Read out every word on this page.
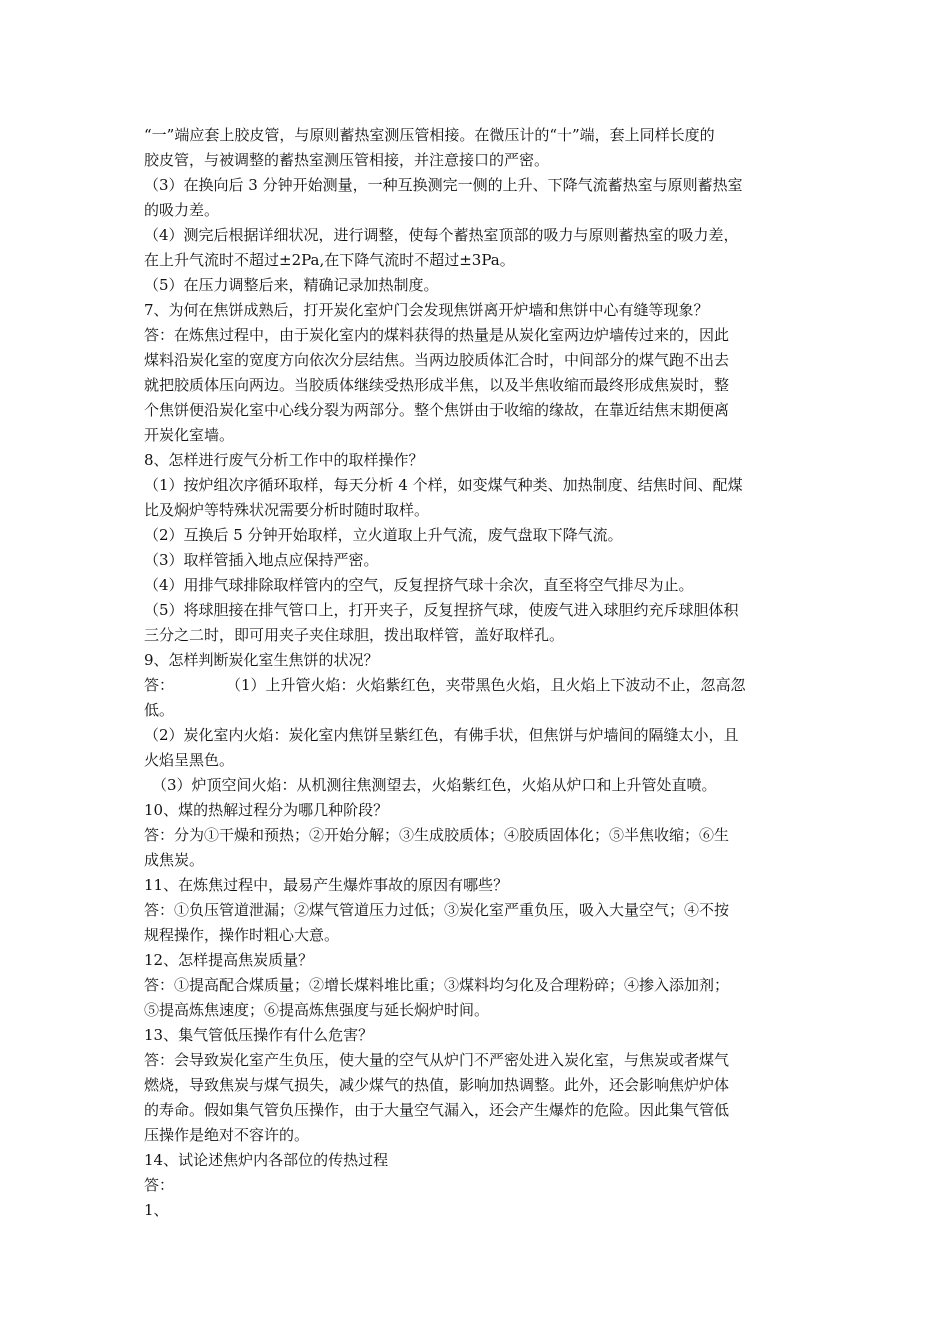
“一”端应套上胶皮管，与原则蓄热室测压管相接。在微压计的“十”端，套上同样长度的
胶皮管，与被调整的蓄热室测压管相接，并注意接口的严密。
（3）在换向后 3 分钟开始测量，一种互换测完一侧的上升、下降气流蓄热室与原则蓄热室
的吸力差。
（4）测完后根据详细状况，进行调整，使每个蓄热室顶部的吸力与原则蓄热室的吸力差，
在上升气流时不超过±2Pa,在下降气流时不超过±3Pa。
（5）在压力调整后来，精确记录加热制度。
7、为何在焦饼成熟后，打开炭化室炉门会发现焦饼离开炉墙和焦饼中心有缝等现象？
答：在炼焦过程中，由于炭化室内的煤料获得的热量是从炭化室两边炉墙传过来的，因此
煤料沿炭化室的宽度方向依次分层结焦。当两边胶质体汇合时，中间部分的煤气跑不出去
就把胶质体压向两边。当胶质体继续受热形成半焦，以及半焦收缩而最终形成焦炭时，整
个焦饼便沿炭化室中心线分裂为两部分。整个焦饼由于收缩的缘故，在靠近结焦末期便离
开炭化室墙。
8、怎样进行废气分析工作中的取样操作？
（1）按炉组次序循环取样，每天分析 4 个样，如变煤气种类、加热制度、结焦时间、配煤
比及焖炉等特殊状况需要分析时随时取样。
（2）互换后 5 分钟开始取样，立火道取上升气流，废气盘取下降气流。
（3）取样管插入地点应保持严密。
（4）用排气球排除取样管内的空气，反复捏挤气球十余次，直至将空气排尽为止。
（5）将球胆接在排气管口上，打开夹子，反复捏挤气球，使废气进入球胆约充斥球胆体积
三分之二时，即可用夹子夹住球胆，拨出取样管，盖好取样孔。
9、怎样判断炭化室生焦饼的状况？
答：	（1）上升管火焰：火焰紫红色，夹带黑色火焰，且火焰上下波动不止，忽高忽
低。
（2）炭化室内火焰：炭化室内焦饼呈紫红色，有佛手状，但焦饼与炉墙间的隔缝太小，且
火焰呈黑色。
（3）炉顶空间火焰：从机测往焦测望去，火焰紫红色，火焰从炉口和上升管处直喷。
10、煤的热解过程分为哪几种阶段？
答：分为①干燥和预热；②开始分解；③生成胶质体；④胶质固体化；⑤半焦收缩；⑥生
成焦炭。
11、在炼焦过程中，最易产生爆炸事故的原因有哪些？
答：①负压管道泄漏；②煤气管道压力过低；③炭化室严重负压，吸入大量空气；④不按
规程操作，操作时粗心大意。
12、怎样提高焦炭质量？
答：①提高配合煤质量；②增长煤料堆比重；③煤料均匀化及合理粉碎；④掺入添加剂；
⑤提高炼焦速度；⑥提高炼焦强度与延长焖炉时间。
13、集气管低压操作有什么危害？
答：会导致炭化室产生负压，使大量的空气从炉门不严密处进入炭化室，与焦炭或者煤气
燃烧，导致焦炭与煤气损失，减少煤气的热值，影响加热调整。此外，还会影响焦炉炉体
的寿命。假如集气管负压操作，由于大量空气漏入，还会产生爆炸的危险。因此集气管低
压操作是绝对不容许的。
14、试论述焦炉内各部位的传热过程
答：
1、
